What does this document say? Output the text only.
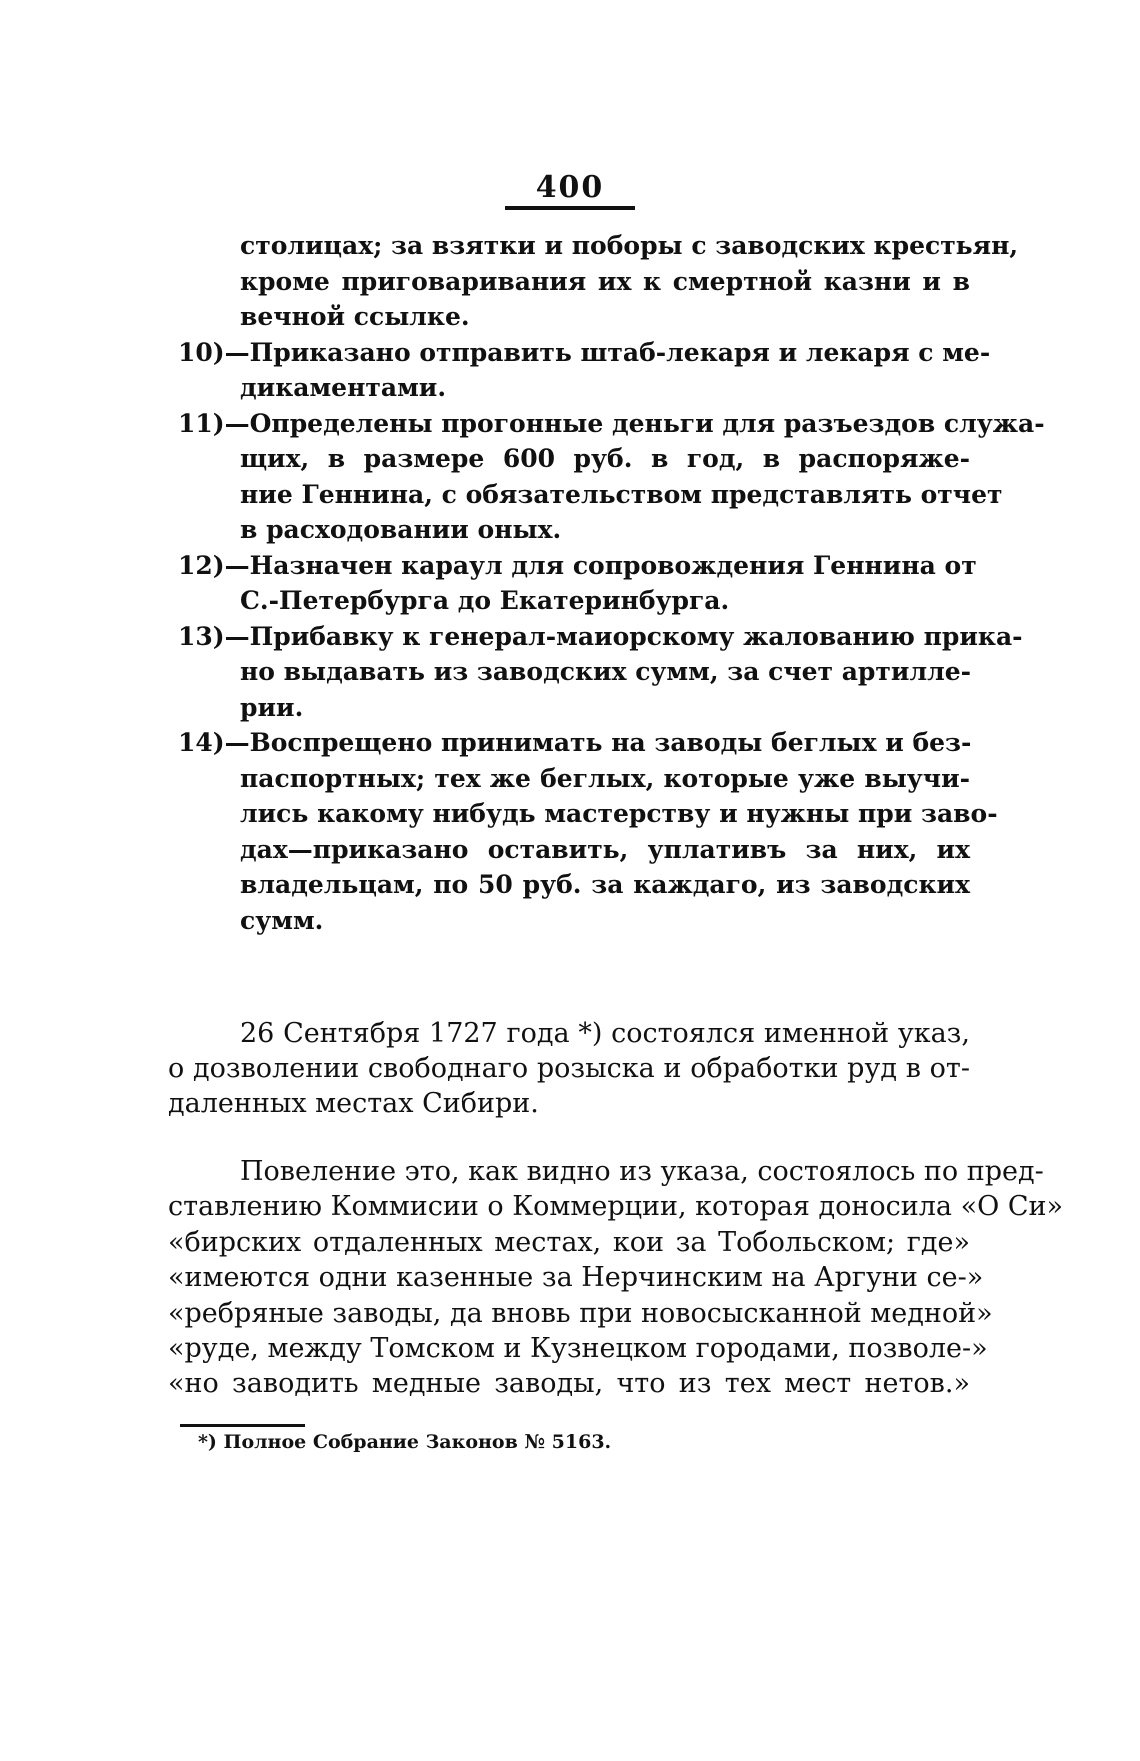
400
столицах; за взятки и поборы с заводских крестьян,
кроме приговаривания их к смертной казни и в
вечной ссылке.
10)—Приказано отправить штаб-лекаря и лекаря с ме-
дикаментами.
11)—Определены прогонные деньги для разъездов служа-
щих, в размере 600 руб. в год, в распоряже-
ние Геннина, с обязательством представлять отчет
в расходовании оных.
12)—Назначен караул для сопровождения Геннина от
С.-Петербурга до Екатеринбурга.
13)—Прибавку к генерал-маиорскому жалованию прика-
но выдавать из заводских сумм, за счет артилле-
рии.
14)—Воспрещено принимать на заводы беглых и без-
паспортных; тех же беглых, которые уже выучи-
лись какому нибудь мастерству и нужны при заво-
дах—приказано оставить, уплативъ за них, их
владельцам, по 50 руб. за каждаго, из заводских
сумм.
26 Сентября 1727 года *) состоялся именной указ,
о дозволении свободнаго розыска и обработки руд в от-
даленных местах Сибири.
Повеление это, как видно из указа, состоялось по пред-
ставлению Коммисии о Коммерции, которая доносила «О Си»
«бирских отдаленных местах, кои за Тобольском; где»
«имеются одни казенные за Нерчинским на Аргуни се-»
«ребряные заводы, да вновь при новосысканной медной»
«руде, между Томском и Кузнецком городами, позволе-»
«но заводить медные заводы, что из тех мест нетов.»
*) Полное Собрание Законов № 5163.
